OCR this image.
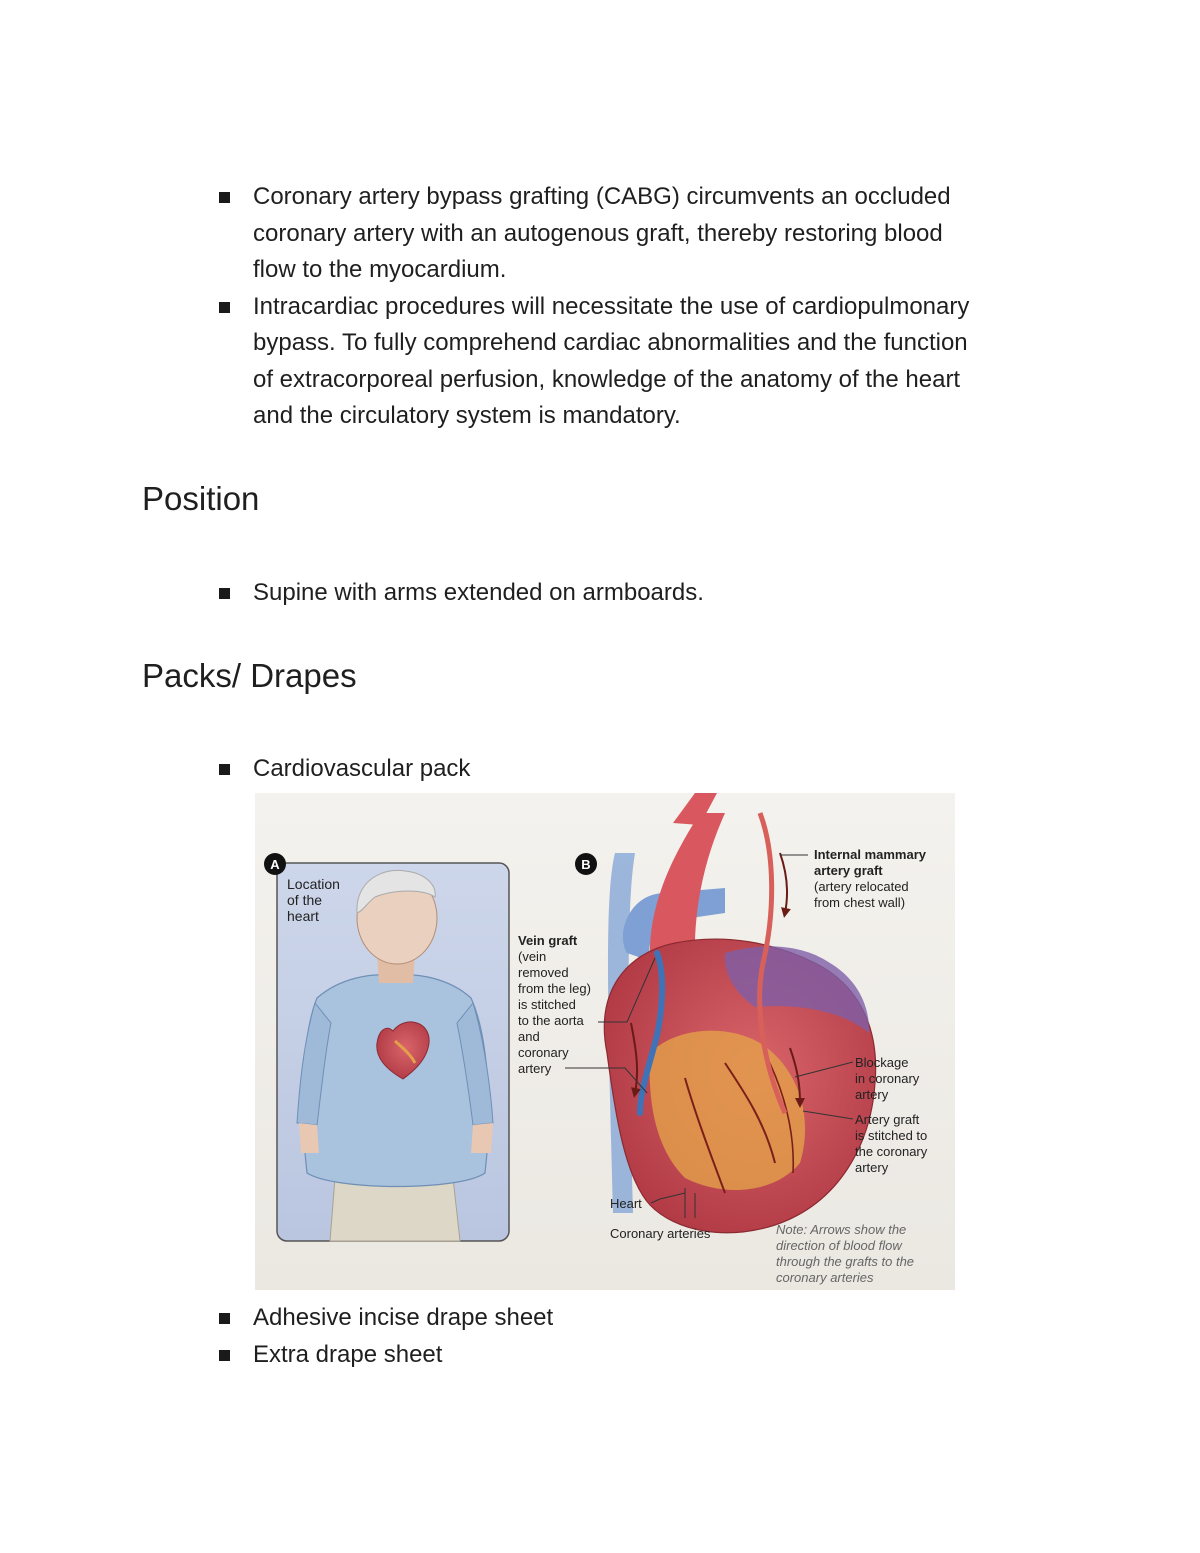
Coronary artery bypass grafting (CABG) circumvents an occluded
coronary artery with an autogenous graft, thereby restoring blood
flow to the myocardium.
Intracardiac procedures will necessitate the use of cardiopulmonary
bypass. To fully comprehend cardiac abnormalities and the function
of extracorporeal perfusion, knowledge of the anatomy of the heart
and the circulatory system is mandatory.
Position
Supine with arms extended on armboards.
Packs/ Drapes
Cardiovascular pack
A
Location
of the
heart
B
Internal mammary
artery graft
(artery relocated
from chest wall)
Vein graft
(vein
removed
from the leg)
is stitched
to the aorta
and
coronary
artery	Blockage
in coronary
artery
Artery graft
is stitched to
the coronary
artery
Heart
Coronary arteries	Note: Arrows show the
direction of blood flow
through the grafts to the
coronary arteries
Adhesive incise drape sheet
Extra drape sheet
